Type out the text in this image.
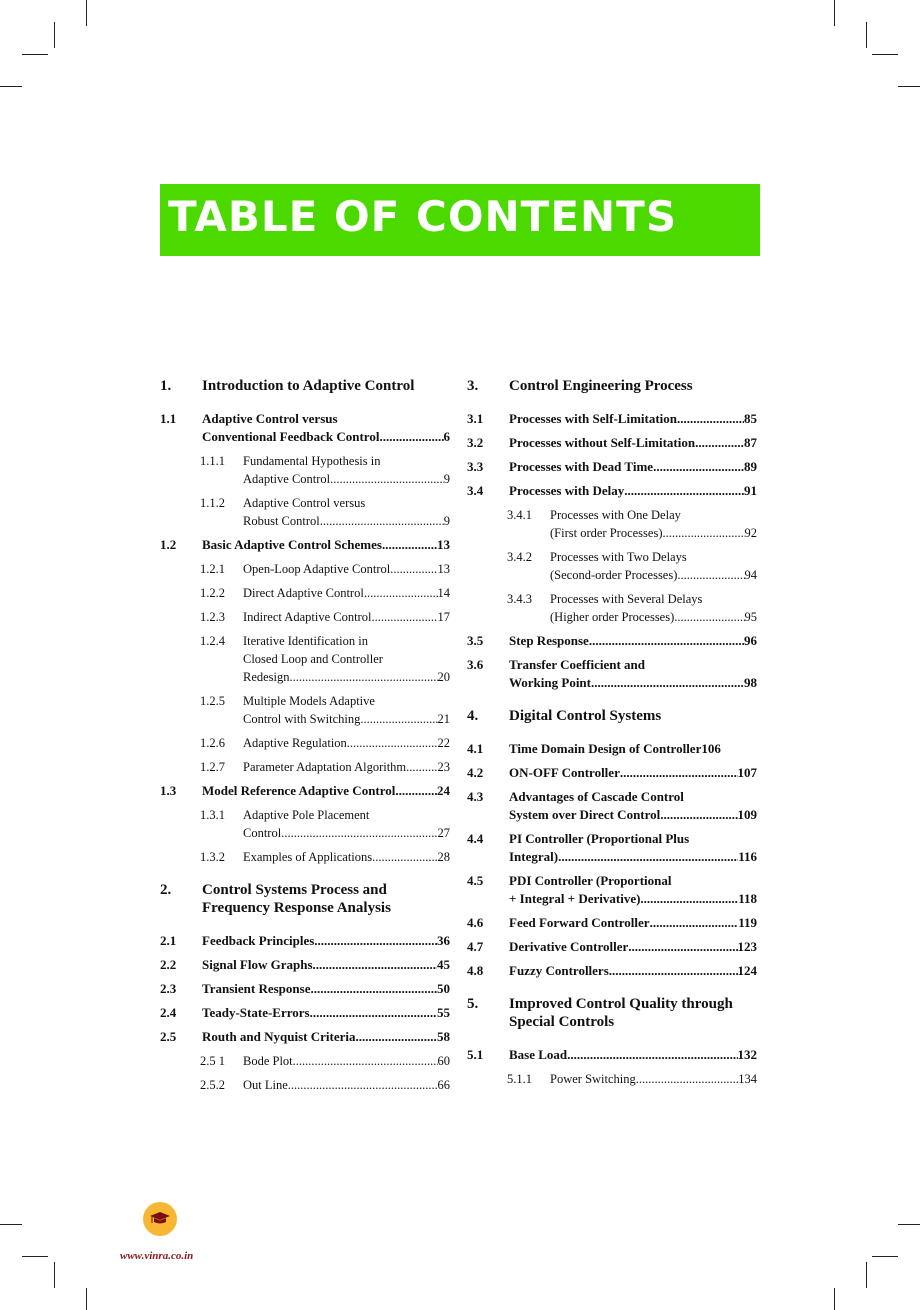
TABLE OF CONTENTS
1.	Introduction to Adaptive Control
1.1	Adaptive Control versus
Conventional Feedback Control .....	6
1.1.1	Fundamental Hypothesis in
Adaptive Control .....	9
1.1.2	Adaptive Control versus
Robust Control .....	9
1.2	Basic Adaptive Control Schemes .....	13
1.2.1	Open-Loop Adaptive Control .....	13
1.2.2	Direct Adaptive Control .....	14
1.2.3	Indirect Adaptive Control .....	17
1.2.4	Iterative Identification in
Closed Loop and Controller
Redesign .....	20
1.2.5	Multiple Models Adaptive
Control with Switching .....	21
1.2.6	Adaptive Regulation .....	22
1.2.7	Parameter Adaptation Algorithm .....	23
1.3	Model Reference Adaptive Control .....	24
1.3.1	Adaptive Pole Placement
Control .....	27
1.3.2	Examples of Applications .....	28
2.	Control Systems Process and
Frequency Response Analysis
2.1	Feedback Principles .....	36
2.2	Signal Flow Graphs .....	45
2.3	Transient Response .....	50
2.4	Teady-State-Errors .....	55
2.5	Routh and Nyquist Criteria .....	58
2.5 1	Bode Plot .....	60
2.5.2	Out Line .....	66
3.	Control Engineering Process
3.1	Processes with Self-Limitation .....	85
3.2	Processes without Self-Limitation .....	87
3.3	Processes with Dead Time .....	89
3.4	Processes with Delay .....	91
3.4.1	Processes with One Delay
(First order Processes) .....	92
3.4.2	Processes with Two Delays
(Second-order Processes) .....	94
3.4.3	Processes with Several Delays
(Higher order Processes) .....	95
3.5	Step Response .....	96
3.6	Transfer Coefficient and
Working Point .....	98
4.	Digital Control Systems
4.1	Time Domain Design of Controller 106
4.2	ON-OFF Controller .....	107
4.3	Advantages of Cascade Control
System over Direct Control .....	109
4.4	PI Controller (Proportional Plus
Integral) .....	116
4.5	PDI Controller (Proportional
+ Integral + Derivative) .....	118
4.6	Feed Forward Controller .....	119
4.7	Derivative Controller .....	123
4.8	Fuzzy Controllers .....	124
5.	Improved Control Quality through
Special Controls
5.1	Base Load .....	132
5.1.1	Power Switching .....	134
www.vinra.co.in
